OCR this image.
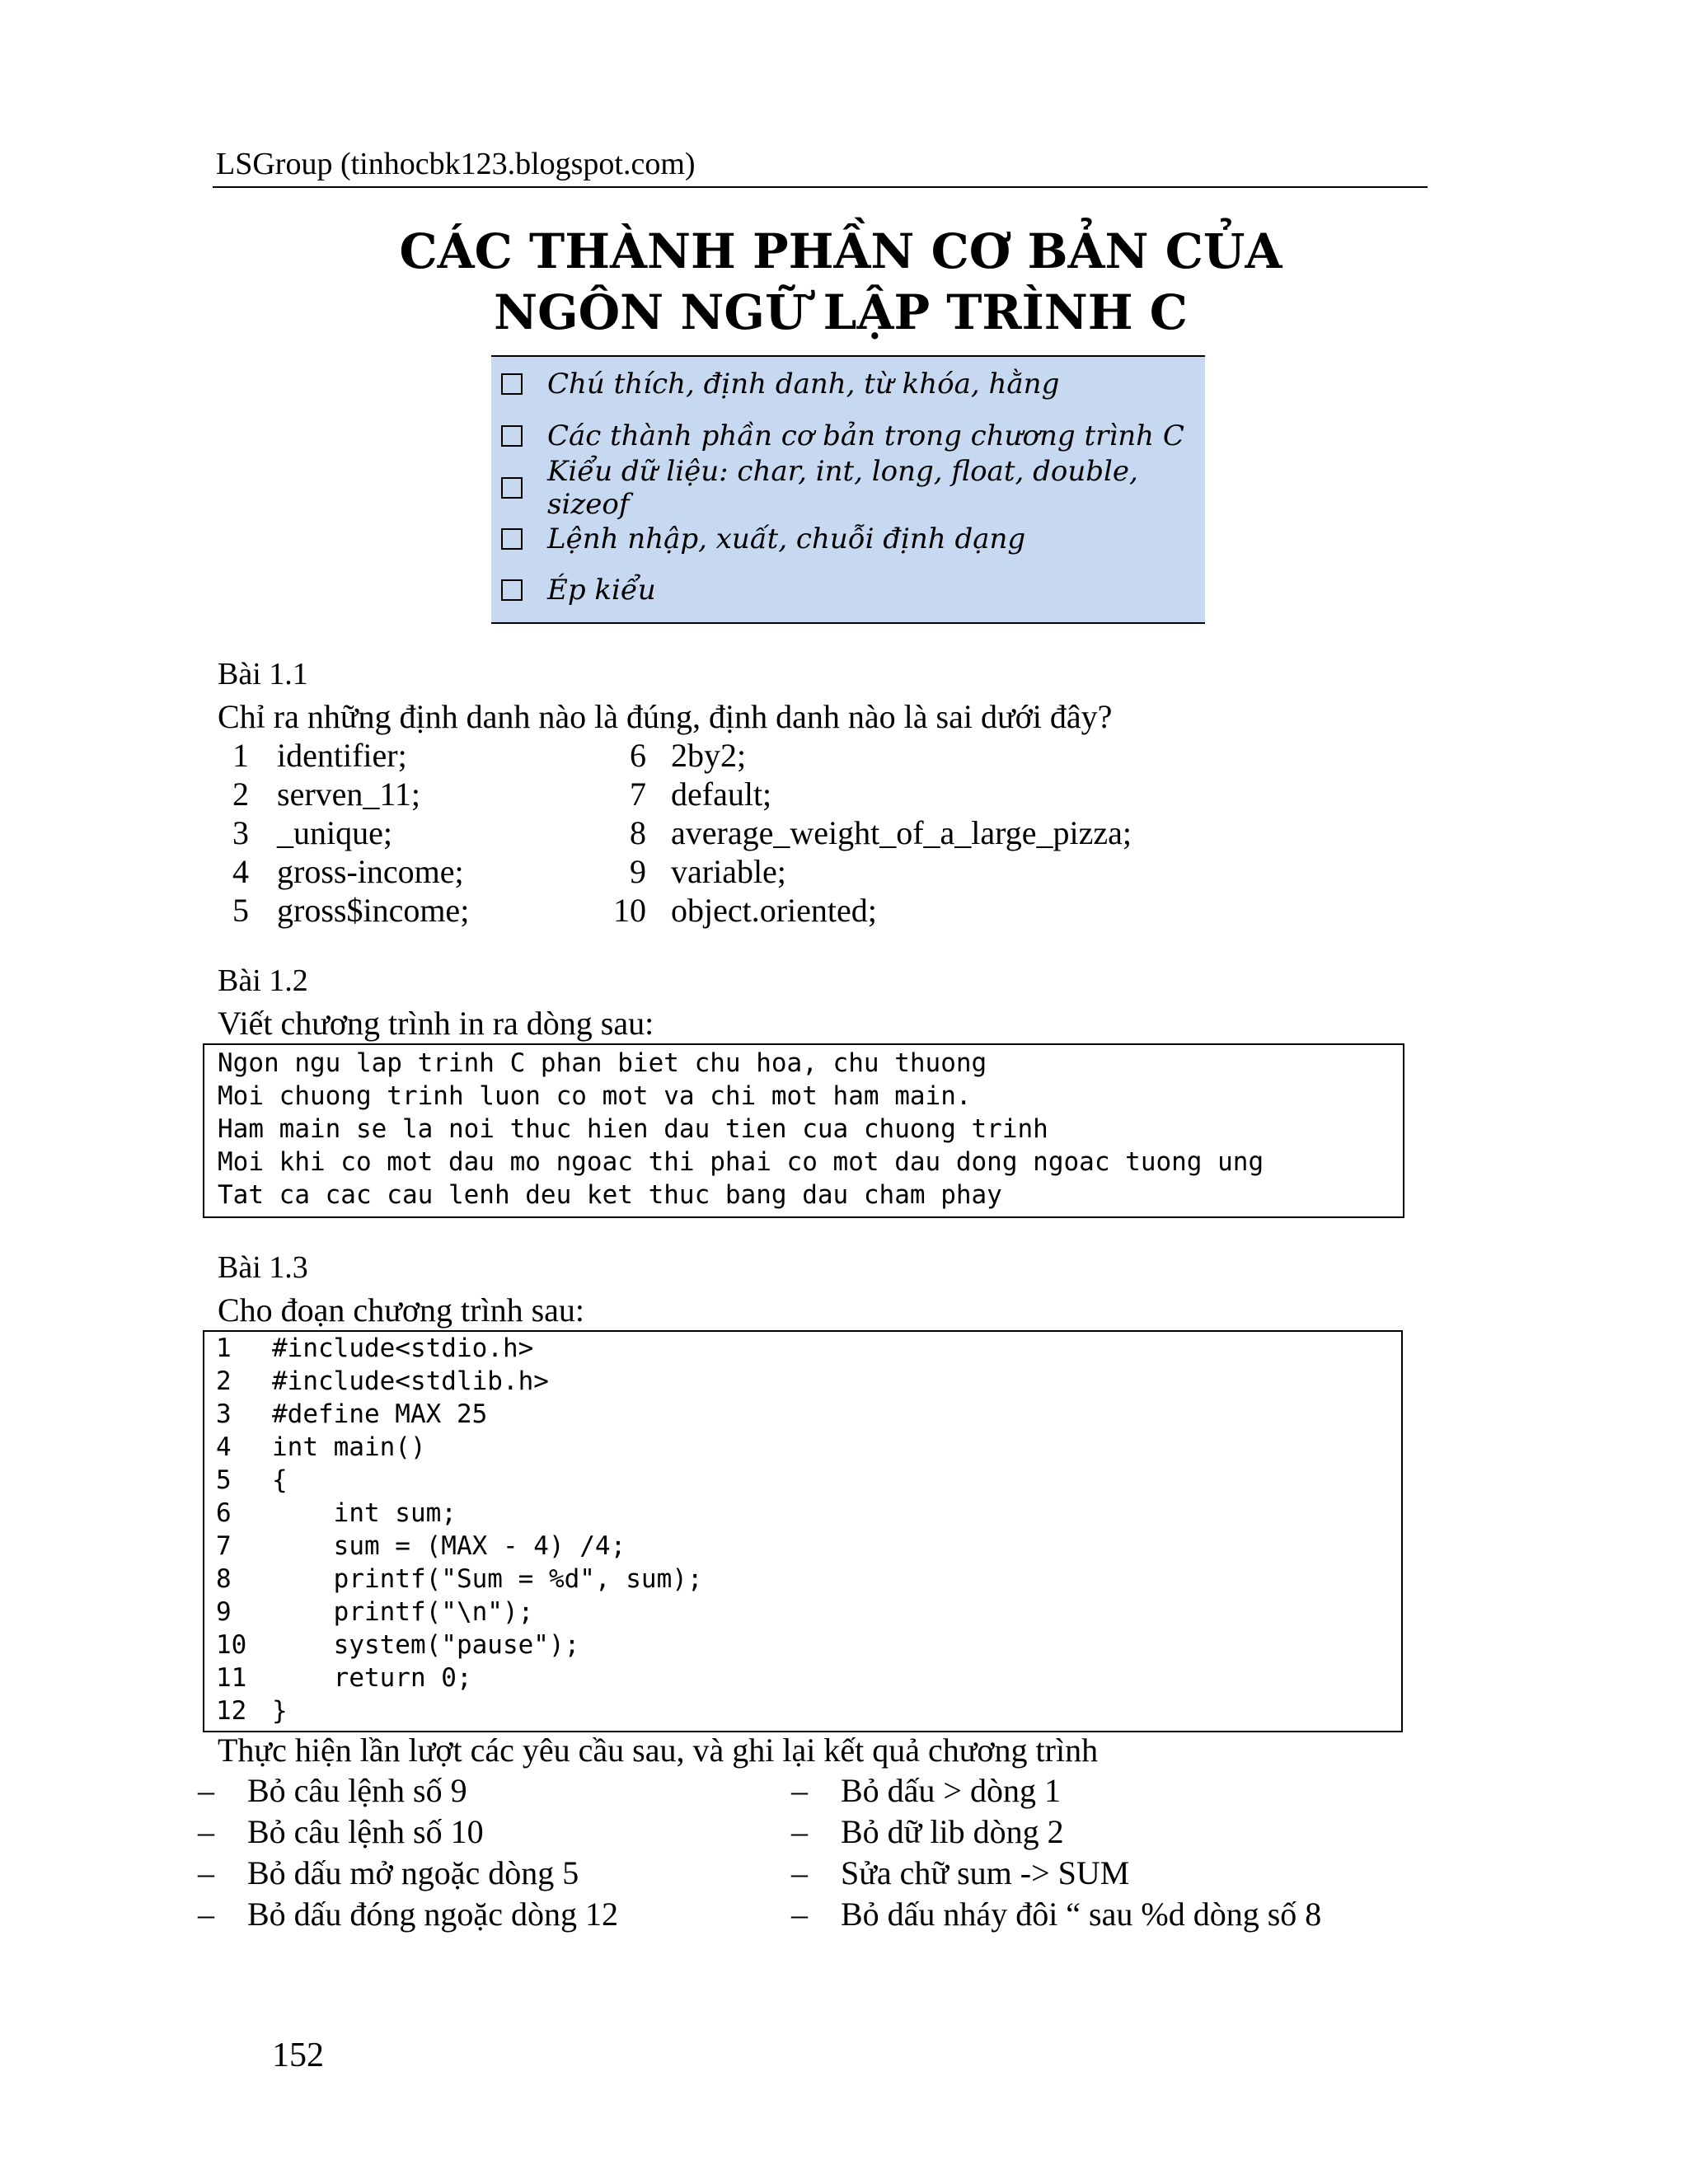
LSGroup (tinhocbk123.blogspot.com)
CÁC THÀNH PHẦN CƠ BẢN CỦA
NGÔN NGỮ LẬP TRÌNH C
Chú thích, định danh, từ khóa, hằng
Các thành phần cơ bản trong chương trình C
Kiểu dữ liệu: char, int, long, float, double, sizeof
Lệnh nhập, xuất, chuỗi định dạng
Ép kiểu
Bài 1.1
Chỉ ra những định danh nào là đúng, định danh nào là sai dưới đây?
1 identifier;
2 serven_11;
3 _unique;
4 gross-income;
5 gross$income;
6 2by2;
7 default;
8 average_weight_of_a_large_pizza;
9 variable;
10 object.oriented;
Bài 1.2
Viết chương trình in ra dòng sau:
Ngon ngu lap trinh C phan biet chu hoa, chu thuong
Moi chuong trinh luon co mot va chi mot ham main.
Ham main se la noi thuc hien dau tien cua chuong trinh
Moi khi co mot dau mo ngoac thi phai co mot dau dong ngoac tuong ung
Tat ca cac cau lenh deu ket thuc bang dau cham phay
Bài 1.3
Cho đoạn chương trình sau:
1 #include<stdio.h>
2 #include<stdlib.h>
3 #define MAX 25
4 int main()
5 {
6 int sum;
7 sum = (MAX - 4) /4;
8 printf("Sum = %d", sum);
9 printf("\n");
10 system("pause");
11 return 0;
12 }
Thực hiện lần lượt các yêu cầu sau, và ghi lại kết quả chương trình
–	Bỏ câu lệnh số 9
–	Bỏ câu lệnh số 10
–	Bỏ dấu mở ngoặc dòng 5
–	Bỏ dấu đóng ngoặc dòng 12
–	Bỏ dấu > dòng 1
–	Bỏ dữ lib dòng 2
–	Sửa chữ sum -> SUM
–	Bỏ dấu nháy đôi “ sau %d dòng số 8
152
